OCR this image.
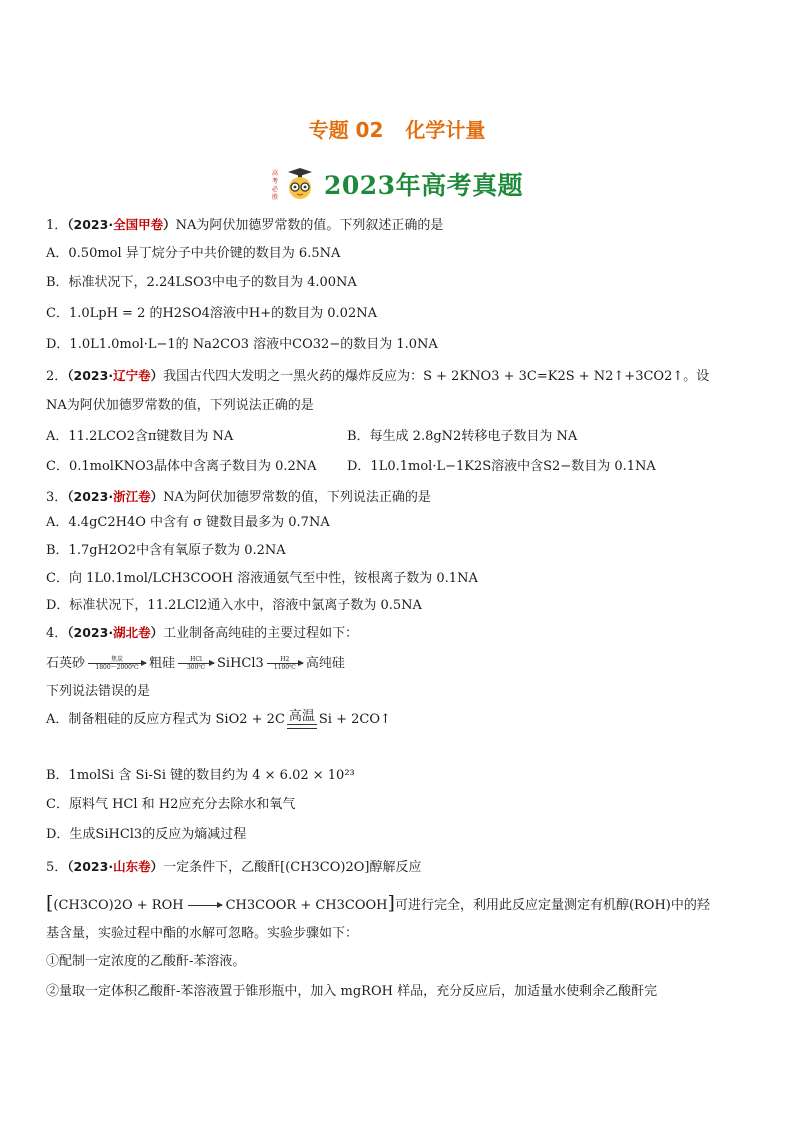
专题 02 化学计量
高
考
必
胜 2023年高考真题
1．（2023·全国甲卷）NA为阿伏加德罗常数的值。下列叙述正确的是
A．0.50mol 异丁烷分子中共价键的数目为 6.5NA
B．标准状况下，2.24LSO3中电子的数目为 4.00NA
C．1.0LpH = 2 的H2SO4溶液中H+的数目为 0.02NA
D．1.0L1.0mol·L−1的 Na2CO3 溶液中CO32−的数目为 1.0NA
2．（2023·辽宁卷）我国古代四大发明之一黑火药的爆炸反应为：S + 2KNO3 + 3C=K2S + N2↑+3CO2↑。设
NA为阿伏加德罗常数的值，下列说法正确的是
A．11.2LCO2含π键数目为 NA	B．每生成 2.8gN2转移电子数目为 NA
C．0.1molKNO3晶体中含离子数目为 0.2NA D．1L0.1mol·L−1K2S溶液中含S2−数目为 0.1NA
3．（2023·浙江卷）NA为阿伏加德罗常数的值，下列说法正确的是
A．4.4gC2H4O 中含有 σ 键数目最多为 0.7NA
B．1.7gH2O2中含有氧原子数为 0.2NA
C．向 1L0.1mol/LCH3COOH 溶液通氨气至中性，铵根离子数为 0.1NA
D．标准状况下，11.2LCl2通入水中，溶液中氯离子数为 0.5NA
4．（2023·湖北卷）工业制备高纯硅的主要过程如下：
石英砂	焦炭
1800～2000℃ 粗硅	HCl
300℃ SiHCl3	H2
1100℃ 高纯硅
下列说法错误的是
A．制备粗硅的反应方程式为 SiO2 + 2C 高温 Si + 2CO↑
B．1molSi 含 Si-Si 键的数目约为 4 × 6.02 × 10²³
C．原料气 HCl 和 H2应充分去除水和氧气
D．生成SiHCl3的反应为熵减过程
5．（2023·山东卷）一定条件下，乙酸酐[(CH3CO)2O]醇解反应
[(CH3CO)2O + ROH → CH3COOR + CH3COOH]可进行完全，利用此反应定量测定有机醇(ROH)中的羟
基含量，实验过程中酯的水解可忽略。实验步骤如下：
①配制一定浓度的乙酸酐-苯溶液。
②量取一定体积乙酸酐-苯溶液置于锥形瓶中，加入 mgROH 样品，充分反应后，加适量水使剩余乙酸酐完
